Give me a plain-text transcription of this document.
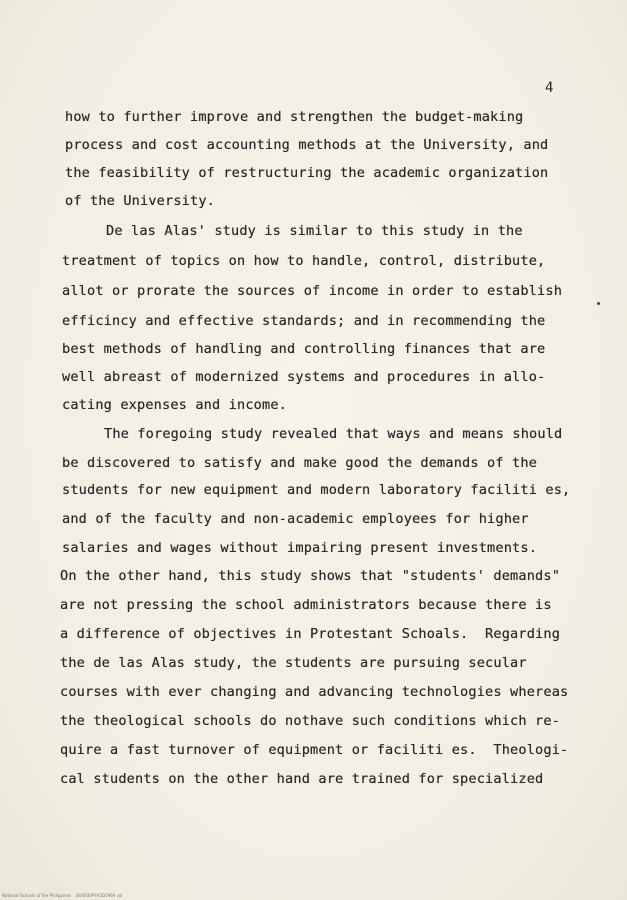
4
how to further improve and strengthen the budget-making
process and cost accounting methods at the University, and
the feasibility of restructuring the academic organization
of the University.
De las Alas' study is similar to this study in the
treatment of topics on how to handle, control, distribute,
allot or prorate the sources of income in order to establish
efficincy and effective standards; and in recommending the
best methods of handling and controlling finances that are
well abreast of modernized systems and procedures in allo-
cating expenses and income.
The foregoing study revealed that ways and means should
be discovered to satisfy and make good the demands of the
students for new equipment and modern laboratory faciliti es,
and of the faculty and non-academic employees for higher
salaries and wages without impairing present investments.
On the other hand, this study shows that "students' demands"
are not pressing the school administrators because there is
a difference of objectives in Protestant Schoals.  Regarding
the de las Alas study, the students are pursuing secular
courses with ever changing and advancing technologies whereas
the theological schools do nothave such conditions which re-
quire a fast turnover of equipment or faciliti es.  Theologi-
cal students on the other hand are trained for specialized
National Schools of the Philippines    BV4030P7A5D1969 vol
